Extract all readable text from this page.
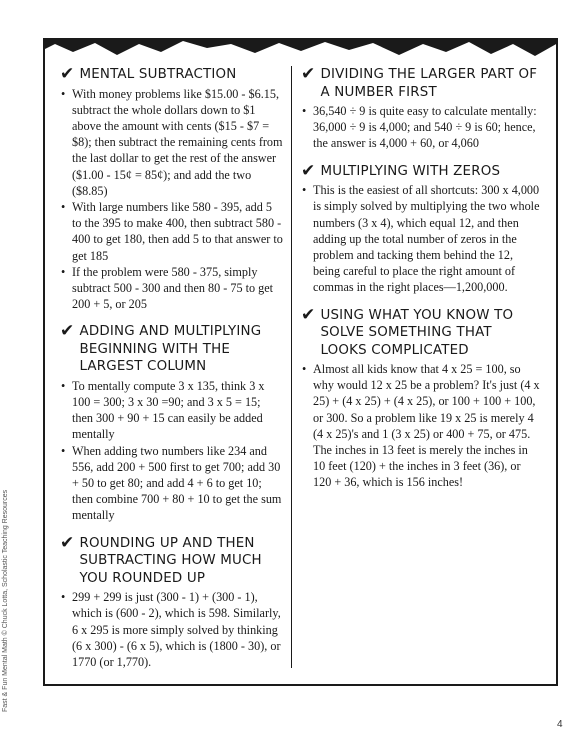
✔ MENTAL SUBTRACTION
• With money problems like $15.00 - $6.15, subtract the whole dollars down to $1 above the amount with cents ($15 - $7 = $8); then subtract the remaining cents from the last dollar to get the rest of the answer ($1.00 - 15¢ = 85¢); and add the two ($8.85)
• With large numbers like 580 - 395, add 5 to the 395 to make 400, then subtract 580 - 400 to get 180, then add 5 to that answer to get 185
• If the problem were 580 - 375, simply subtract 500 - 300 and then 80 - 75 to get 200 + 5, or 205
✔ ADDING AND MULTIPLYING BEGINNING WITH THE LARGEST COLUMN
• To mentally compute 3 x 135, think 3 x 100 = 300; 3 x 30 =90; and 3 x 5 = 15; then 300 + 90 + 15 can easily be added mentally
• When adding two numbers like 234 and 556, add 200 + 500 first to get 700; add 30 + 50 to get 80; and add 4 + 6 to get 10; then combine 700 + 80 + 10 to get the sum mentally
✔ ROUNDING UP AND THEN SUBTRACTING HOW MUCH YOU ROUNDED UP
• 299 + 299 is just (300 - 1) + (300 - 1), which is (600 - 2), which is 598. Similarly, 6 x 295 is more simply solved by thinking (6 x 300) - (6 x 5), which is (1800 - 30), or 1770 (or 1,770).
✔ DIVIDING THE LARGER PART OF A NUMBER FIRST
• 36,540 ÷ 9 is quite easy to calculate mentally: 36,000 ÷ 9 is 4,000; and 540 ÷ 9 is 60; hence, the answer is 4,000 + 60, or 4,060
✔ MULTIPLYING WITH ZEROS
• This is the easiest of all shortcuts: 300 x 4,000 is simply solved by multiplying the two whole numbers (3 x 4), which equal 12, and then adding up the total number of zeros in the problem and tacking them behind the 12, being careful to place the right amount of commas in the right places—1,200,000.
✔ USING WHAT YOU KNOW TO SOLVE SOMETHING THAT LOOKS COMPLICATED
• Almost all kids know that 4 x 25 = 100, so why would 12 x 25 be a problem? It's just (4 x 25) + (4 x 25) + (4 x 25), or 100 + 100 + 100, or 300. So a problem like 19 x 25 is merely 4 (4 x 25)'s and 1 (3 x 25) or 400 + 75, or 475. The inches in 13 feet is merely the inches in 10 feet (120) + the inches in 3 feet (36), or 120 + 36, which is 156 inches!
Fast & Fun Mental Math © Chuck Lotta, Scholastic Teaching Resources
4
